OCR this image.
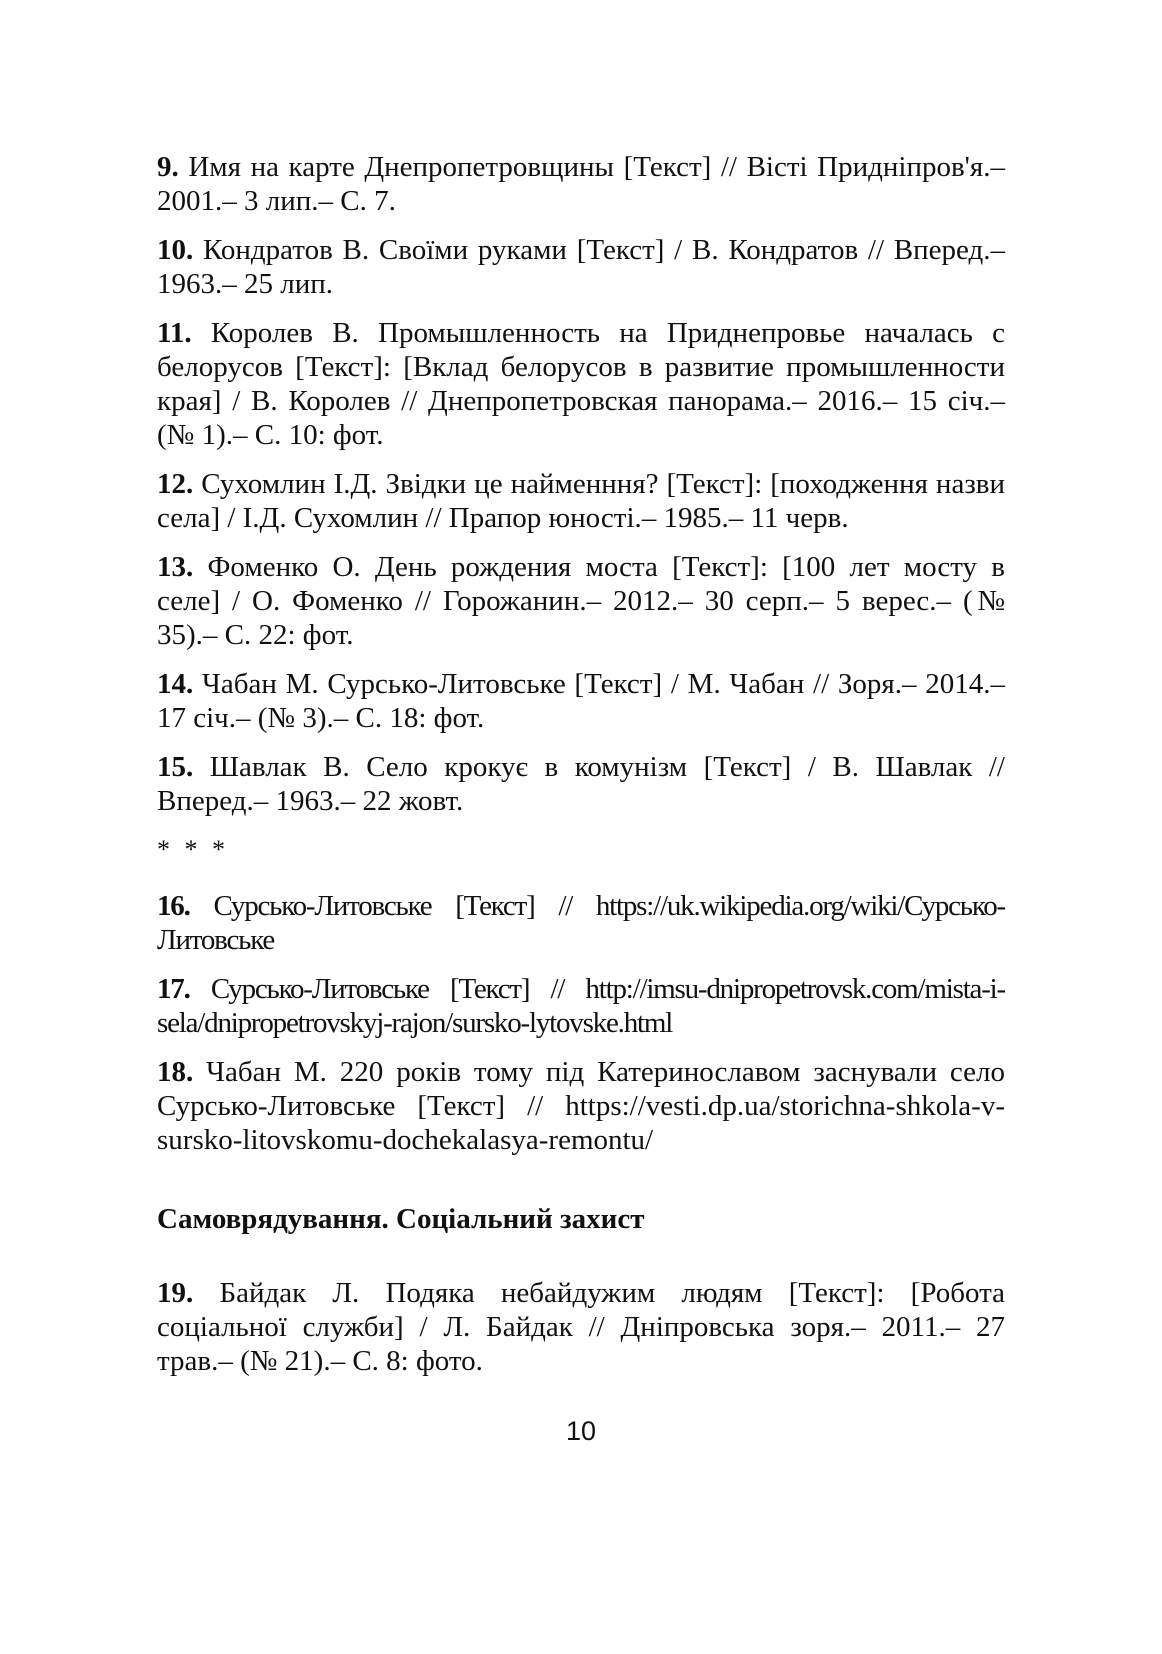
9. Имя на карте Днепропетровщины [Текст] // Вісті Придніпров'я.– 2001.– 3 лип.– С. 7.

10. Кондратов В. Своїми руками [Текст] / В. Кондратов // Вперед.– 1963.– 25 лип.

11. Королев В. Промышленность на Приднепровье началась с белорусов [Текст]: [Вклад белорусов в развитие промышленности края] / В. Королев // Днепропетровская панорама.– 2016.– 15 січ.– (№ 1).– С. 10: фот.

12. Сухомлин І.Д. Звідки це найменння? [Текст]: [походження назви села] / І.Д. Сухомлин // Прапор юності.– 1985.– 11 черв.

13. Фоменко О. День рождения моста [Текст]: [100 лет мосту в селе] / О. Фоменко // Горожанин.– 2012.– 30 серп.– 5 верес.– (№ 35).– С. 22: фот.

14. Чабан М. Сурсько-Литовське [Текст] / М. Чабан // Зоря.– 2014.– 17 січ.– (№ 3).– С. 18: фот.

15. Шавлак В. Село крокує в комунізм [Текст] / В. Шавлак // Вперед.– 1963.– 22 жовт.

* * *

16. Сурсько-Литовське [Текст] // https://uk.wikipedia.org/wiki/Сурсько-Литовське

17. Сурсько-Литовське [Текст] // http://imsu-dnipropetrovsk.com/mista-i-sela/dnipropetrovskyj-rajon/sursko-lytovske.html

18. Чабан М. 220 років тому під Катеринославом заснували село Сурсько-Литовське [Текст] // https://vesti.dp.ua/storichna-shkola-v-sursko-litovskomu-dochekalasya-remontu/

Самоврядування. Соціальний захист

19. Байдак Л. Подяка небайдужим людям [Текст]: [Робота соціальної служби] / Л. Байдак // Дніпровська зоря.– 2011.– 27 трав.– (№ 21).– С. 8: фото.

10
